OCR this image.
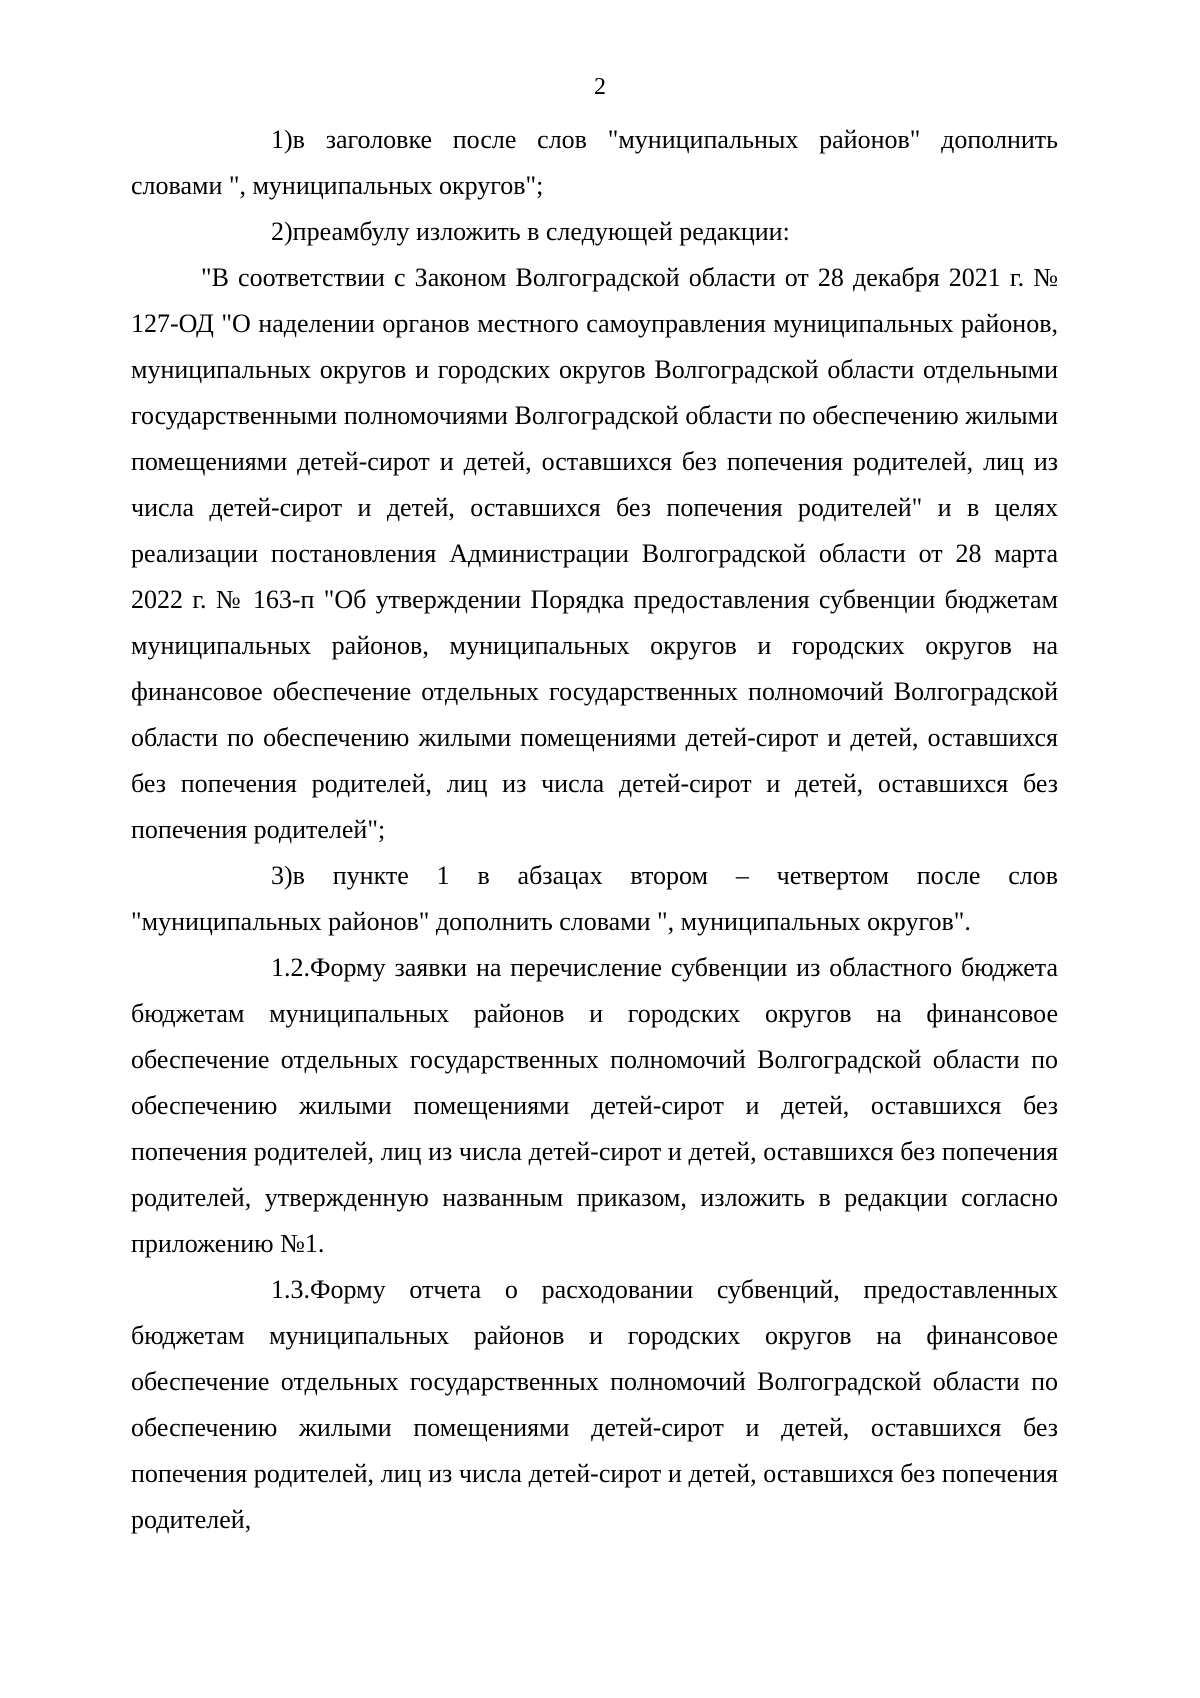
2

1)в заголовке после слов "муниципальных районов" дополнить словами ", муниципальных округов";

2)преамбулу изложить в следующей редакции:

"В соответствии с Законом Волгоградской области от 28 декабря 2021 г. № 127-ОД "О наделении органов местного самоуправления муниципальных районов, муниципальных округов и городских округов Волгоградской области отдельными государственными полномочиями Волгоградской области по обеспечению жилыми помещениями детей-сирот и детей, оставшихся без попечения родителей, лиц из числа детей-сирот и детей, оставшихся без попечения родителей" и в целях реализации постановления Администрации Волгоградской области от 28 марта 2022 г. № 163-п "Об утверждении Порядка предоставления субвенции бюджетам муниципальных районов, муниципальных округов и городских округов на финансовое обеспечение отдельных государственных полномочий Волгоградской области по обеспечению жилыми помещениями детей-сирот и детей, оставшихся без попечения родителей, лиц из числа детей-сирот и детей, оставшихся без попечения родителей";

3)в пункте 1 в абзацах втором – четвертом после слов "муниципальных районов" дополнить словами ", муниципальных округов".

1.2.Форму заявки на перечисление субвенции из областного бюджета бюджетам муниципальных районов и городских округов на финансовое обеспечение отдельных государственных полномочий Волгоградской области по обеспечению жилыми помещениями детей-сирот и детей, оставшихся без попечения родителей, лиц из числа детей-сирот и детей, оставшихся без попечения родителей, утвержденную названным приказом, изложить в редакции согласно приложению №1.

1.3.Форму отчета о расходовании субвенций, предоставленных бюджетам муниципальных районов и городских округов на финансовое обеспечение отдельных государственных полномочий Волгоградской области по обеспечению жилыми помещениями детей-сирот и детей, оставшихся без попечения родителей, лиц из числа детей-сирот и детей, оставшихся без попечения родителей,
